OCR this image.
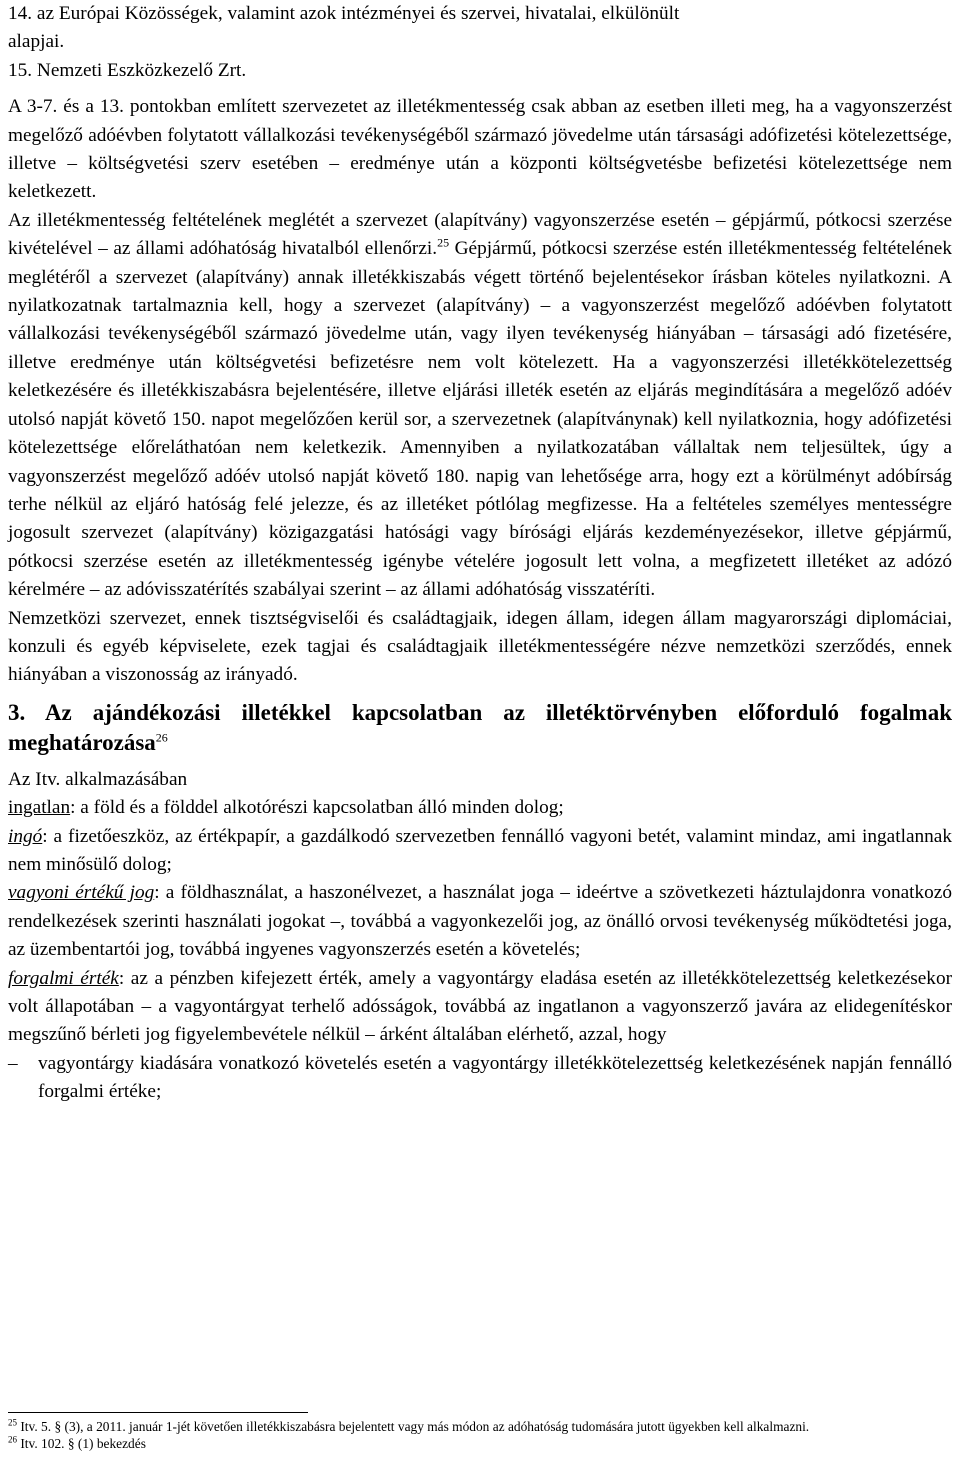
14. az Európai Közösségek, valamint azok intézményei és szervei, hivatalai, elkülönült
alapjai.

15. Nemzeti Eszközkezelő Zrt.

A 3-7. és a 13. pontokban említett szervezetet az illetékmentesség csak abban az esetben illeti meg, ha a vagyonszerzést megelőző adóévben folytatott vállalkozási tevékenységéből származó jövedelme után társasági adófizetési kötelezettsége, illetve – költségvetési szerv esetében – eredménye után a központi költségvetésbe befizetési kötelezettsége nem keletkezett.

Az illetékmentesség feltételének meglétét a szervezet (alapítvány) vagyonszerzése esetén – gépjármű, pótkocsi szerzése kivételével – az állami adóhatóság hivatalból ellenőrzi.$^{25}$ Gépjármű, pótkocsi szerzése estén illetékmentesség feltételének meglétéről a szervezet (alapítvány) annak illetékkiszabás végett történő bejelentésekor írásban köteles nyilatkozni. A nyilatkozatnak tartalmaznia kell, hogy a szervezet (alapítvány) – a vagyonszerzést megelőző adóévben folytatott vállalkozási tevékenységéből származó jövedelme után, vagy ilyen tevékenység hiányában – társasági adó fizetésére, illetve eredménye után költségvetési befizetésre nem volt kötelezett. Ha a vagyonszerzési illetékkötelezettség keletkezésére és illetékkiszabásra bejelentésére, illetve eljárási illeték esetén az eljárás megindítására a megelőző adóév utolsó napját követő 150. napot megelőzően kerül sor, a szervezetnek (alapítványnak) kell nyilatkoznia, hogy adófizetési kötelezettsége előreláthatóan nem keletkezik. Amennyiben a nyilatkozatában vállaltak nem teljesültek, úgy a vagyonszerzést megelőző adóév utolsó napját követő 180. napig van lehetősége arra, hogy ezt a körülményt adóbírság terhe nélkül az eljáró hatóság felé jelezze, és az illetéket pótlólag megfizesse. Ha a feltételes személyes mentességre jogosult szervezet (alapítvány) közigazgatási hatósági vagy bírósági eljárás kezdeményezésekor, illetve gépjármű, pótkocsi szerzése esetén az illetékmentesség igénybe vételére jogosult lett volna, a megfizetett illetéket az adózó kérelmére – az adóvisszatérítés szabályai szerint – az állami adóhatóság visszatéríti.

Nemzetközi szervezet, ennek tisztségviselői és családtagjaik, idegen állam, idegen állam magyarországi diplomáciai, konzuli és egyéb képviselete, ezek tagjai és családtagjaik illetékmentességére nézve nemzetközi szerződés, ennek hiányában a viszonosság az irányadó.

3. Az ajándékozási illetékkel kapcsolatban az illetéktörvényben előforduló fogalmak meghatározása$^{26}$

Az Itv. alkalmazásában

ingatlan: a föld és a földdel alkotórészi kapcsolatban álló minden dolog;

ingó: a fizetőeszköz, az értékpapír, a gazdálkodó szervezetben fennálló vagyoni betét, valamint mindaz, ami ingatlannak nem minősülő dolog;

vagyoni értékű jog: a földhasználat, a haszonélvezet, a használat joga – ideértve a szövetkezeti háztulajdonra vonatkozó rendelkezések szerinti használati jogokat –, továbbá a vagyonkezelői jog, az önálló orvosi tevékenység működtetési joga, az üzembentartói jog, továbbá ingyenes vagyonszerzés esetén a követelés;

forgalmi érték: az a pénzben kifejezett érték, amely a vagyontárgy eladása esetén az illetékkötelezettség keletkezésekor volt állapotában – a vagyontárgyat terhelő adósságok, továbbá az ingatlanon a vagyonszerző javára az elidegenítéskor megszűnő bérleti jog figyelembevétele nélkül – árként általában elérhető, azzal, hogy

– vagyontárgy kiadására vonatkozó követelés esetén a vagyontárgy illetékkötelezettség keletkezésének napján fennálló forgalmi értéke;

$^{25}$ Itv. 5. § (3), a 2011. január 1-jét követően illetékkiszabásra bejelentett vagy más módon az adóhatóság tudomására jutott ügyekben kell alkalmazni.

$^{26}$ Itv. 102. § (1) bekezdés
